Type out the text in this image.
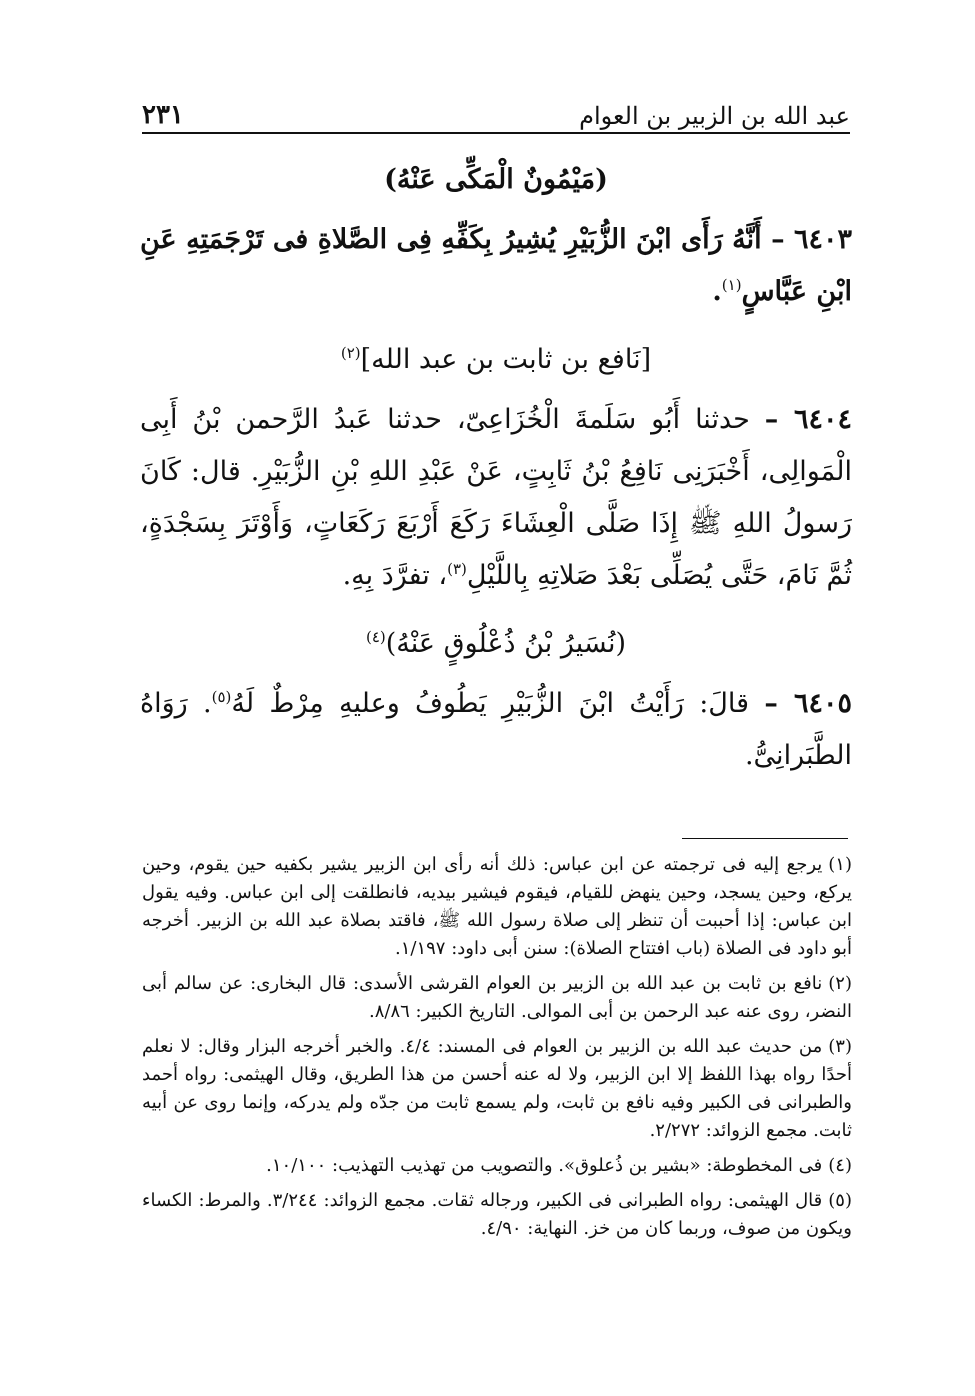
عبد الله بن الزبير بن العوام
٢٣١
(مَيْمُونٌ الْمَكِّى عَنْهُ)
٦٤٠٣ – أَنَّهُ رَأَى ابْنَ الزُّبَيْرِ يُشِيرُ بِكَفِّهِ فِى الصَّلاةِ فى تَرْجَمَتِهِ عَنِ ابْنِ عَبَّاسٍ$^{(١)}$.
[نَافع بن ثابت بن عبد الله]$^{(٢)}$
٦٤٠٤ – حدثنا أَبُو سَلَمةَ الْخُزَاعِىّ، حدثنا عَبدُ الرَّحمن بْنُ أَبِى الْمَوالِى، أَخْبَرَنِى نَافِعُ بْنُ ثَابِتٍ، عَنْ عَبْدِ اللهِ بْنِ الزُّبَيْرِ. قال: كَانَ رَسولُ اللهِ ﷺ إِذَا صَلَّى الْعِشَاءَ رَكَعَ أَرْبَعَ رَكَعَاتٍ، وَأَوْتَرَ بِسَجْدَةٍ، ثُمَّ نَامَ، حَتَّى يُصَلِّى بَعْدَ صَلاتِهِ بِاللَّيْلِ$^{(٣)}$، تفرَّدَ بِهِ.
(نُسَيرُ بْنُ ذُعْلُوقٍ عَنْهُ)$^{(٤)}$
٦٤٠٥ – قالَ: رَأَيْتُ ابْنَ الزُّبَيْرِ يَطُوفُ وعليهِ مِرْطٌ لَهُ$^{(٥)}$. رَوَاهُ الطَّبَرانِىُّ.
(١)يرجع إليه فى ترجمته عن ابن عباس: ذلك أنه رأى ابن الزبير يشير بكفيه حين يقوم، وحين يركع، وحين يسجد، وحين ينهض للقيام، فيقوم فيشير بيديه، فانطلقت إلى ابن عباس. وفيه يقول ابن عباس: إذا أحببت أن تنظر إلى صلاة رسول الله ﷺ، فاقتد بصلاة عبد الله بن الزبير. أخرجه أبو داود فى الصلاة (باب افتتاح الصلاة): سنن أبى داود: ١/١٩٧.
(٢)نافع بن ثابت بن عبد الله بن الزبير بن العوام القرشى الأسدى: قال البخارى: عن سالم أبى النضر، روى عنه عبد الرحمن بن أبى الموالى. التاريخ الكبير: ٨/٨٦.
(٣)من حديث عبد الله بن الزبير بن العوام فى المسند: ٤/٤. والخبر أخرجه البزار وقال: لا نعلم أحدًا رواه بهذا اللفظ إلا ابن الزبير، ولا له عنه أحسن من هذا الطريق، وقال الهيثمى: رواه أحمد والطبرانى فى الكبير وفيه نافع بن ثابت، ولم يسمع ثابت من جدّه ولم يدركه، وإنما روى عن أبيه ثابت. مجمع الزوائد: ٢/٢٧٢.
(٤)فى المخطوطة: «بشير بن ذُعلوق». والتصويب من تهذيب التهذيب: ١٠/١٠٠.
(٥)قال الهيثمى: رواه الطبرانى فى الكبير، ورجاله ثقات. مجمع الزوائد: ٣/٢٤٤. والمرط: الكساء ويكون من صوف، وربما كان من خز. النهاية: ٤/٩٠.
